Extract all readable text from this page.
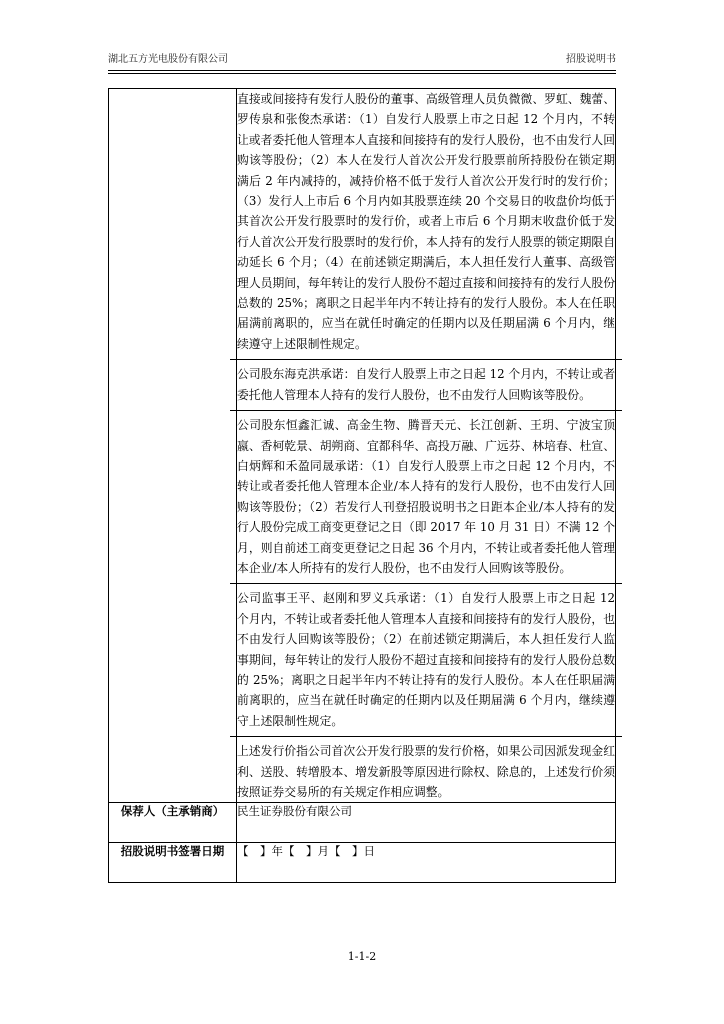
湖北五方光电股份有限公司	招股说明书

	直接或间接持有发行人股份的董事、高级管理人员负微微、罗虹、魏蕾、罗传泉和张俊杰承诺：（1）自发行人股票上市之日起 12 个月内，不转让或者委托他人管理本人直接和间接持有的发行人股份，也不由发行人回购该等股份；（2）本人在发行人首次公开发行股票前所持股份在锁定期满后 2 年内减持的，减持价格不低于发行人首次公开发行时的发行价；（3）发行人上市后 6 个月内如其股票连续 20 个交易日的收盘价均低于其首次公开发行股票时的发行价，或者上市后 6 个月期末收盘价低于发行人首次公开发行股票时的发行价，本人持有的发行人股票的锁定期限自动延长 6 个月；（4）在前述锁定期满后，本人担任发行人董事、高级管理人员期间，每年转让的发行人股份不超过直接和间接持有的发行人股份总数的 25%；离职之日起半年内不转让持有的发行人股份。本人在任职届满前离职的，应当在就任时确定的任期内以及任期届满 6 个月内，继续遵守上述限制性规定。
公司股东海克洪承诺：自发行人股票上市之日起 12 个月内，不转让或者委托他人管理本人持有的发行人股份，也不由发行人回购该等股份。
公司股东恒鑫汇诚、高金生物、腾晋天元、长江创新、王玥、宁波宝顶嬴、香柯乾景、胡朔商、宜都科华、高投万融、广远芬、林培春、杜宣、白炳辉和禾盈同晟承诺：（1）自发行人股票上市之日起 12 个月内，不转让或者委托他人管理本企业/本人持有的发行人股份，也不由发行人回购该等股份；（2）若发行人刊登招股说明书之日距本企业/本人持有的发行人股份完成工商变更登记之日（即 2017 年 10 月 31 日）不满 12 个月，则自前述工商变更登记之日起 36 个月内，不转让或者委托他人管理本企业/本人所持有的发行人股份，也不由发行人回购该等股份。
公司监事王平、赵刚和罗义兵承诺：（1）自发行人股票上市之日起 12 个月内，不转让或者委托他人管理本人直接和间接持有的发行人股份，也不由发行人回购该等股份；（2）在前述锁定期满后，本人担任发行人监事期间，每年转让的发行人股份不超过直接和间接持有的发行人股份总数的 25%；离职之日起半年内不转让持有的发行人股份。本人在任职届满前离职的，应当在就任时确定的任期内以及任期届满 6 个月内，继续遵守上述限制性规定。
上述发行价指公司首次公开发行股票的发行价格，如果公司因派发现金红利、送股、转增股本、增发新股等原因进行除权、除息的，上述发行价须按照证券交易所的有关规定作相应调整。

保荐人（主承销商）	民生证券股份有限公司
招股说明书签署日期	【　】年【　】月【　】日
1-1-2
